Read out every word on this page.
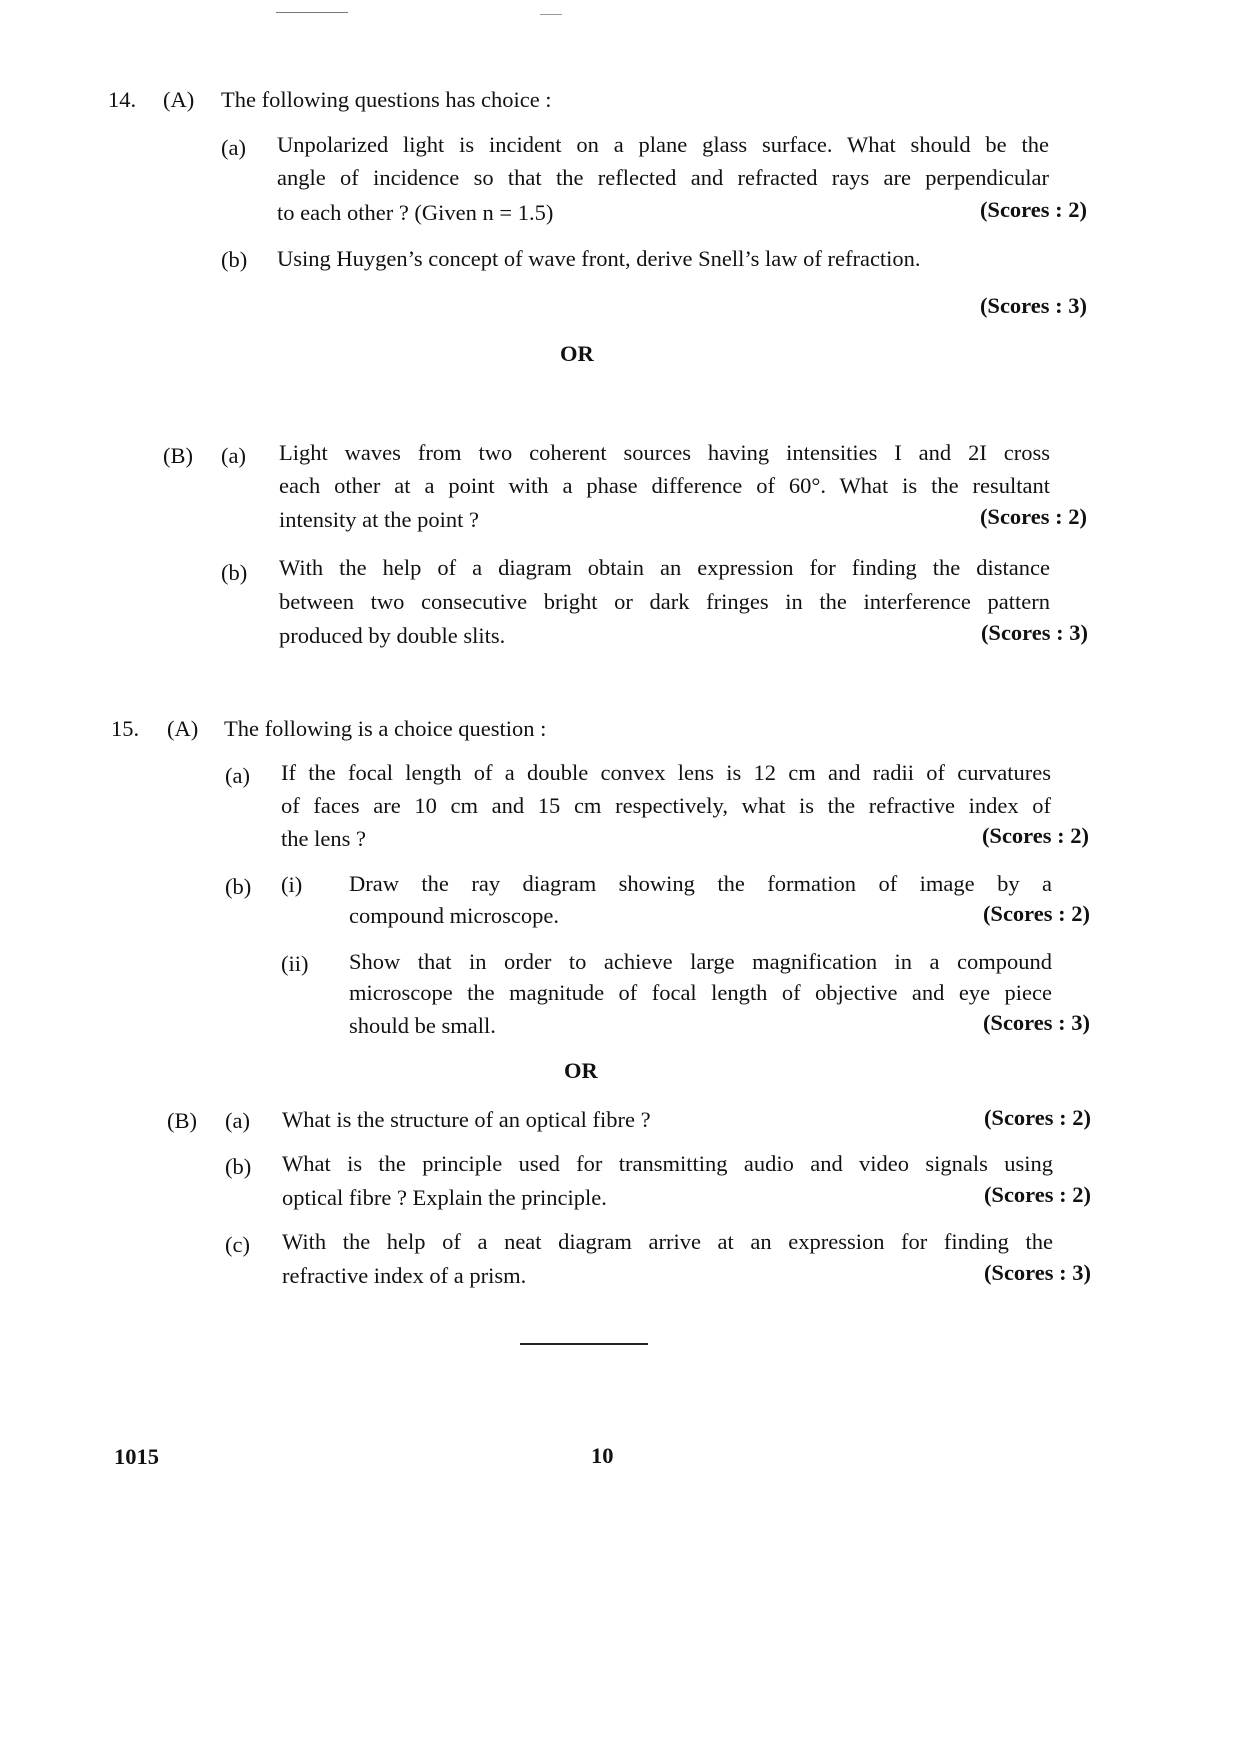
14. (A) The following questions has choice :
(a) Unpolarized light is incident on a plane glass surface. What should be the
angle of incidence so that the reflected and refracted rays are perpendicular
to each other ? (Given n = 1.5)	(Scores : 2)
(b) Using Huygen’s concept of wave front, derive Snell’s law of refraction.
(Scores : 3)
OR
(B) (a) Light waves from two coherent sources having intensities I and 2I cross
each other at a point with a phase difference of 60°. What is the resultant
intensity at the point ?	(Scores : 2)
(b) With the help of a diagram obtain an expression for finding the distance
between two consecutive bright or dark fringes in the interference pattern
produced by double slits.	(Scores : 3)
15. (A) The following is a choice question :
(a) If the focal length of a double convex lens is 12 cm and radii of curvatures
of faces are 10 cm and 15 cm respectively, what is the refractive index of
the lens ?	(Scores : 2)
(b) (i) Draw the ray diagram showing the formation of image by a
compound microscope.	(Scores : 2)
(ii) Show that in order to achieve large magnification in a compound
microscope the magnitude of focal length of objective and eye piece
should be small.	(Scores : 3)
OR
(B) (a) What is the structure of an optical fibre ?	(Scores : 2)
(b) What is the principle used for transmitting audio and video signals using
optical fibre ? Explain the principle.	(Scores : 2)
(c) With the help of a neat diagram arrive at an expression for finding the
refractive index of a prism.	(Scores : 3)
1015	10
